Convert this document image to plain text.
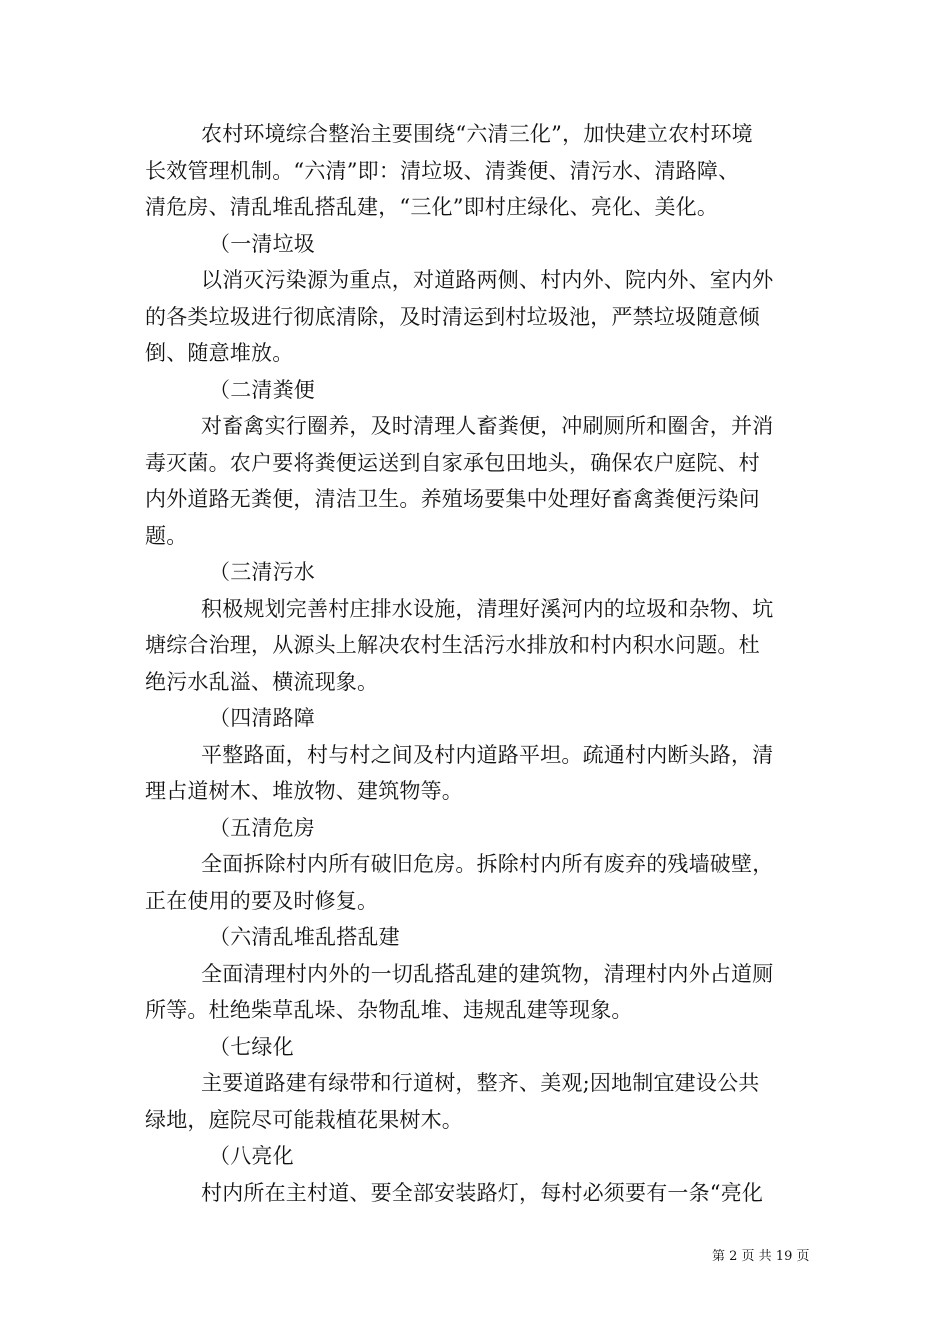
农村环境综合整治主要围绕“六清三化”，加快建立农村环境
长效管理机制。“六清”即：清垃圾、清粪便、清污水、清路障、
清危房、清乱堆乱搭乱建，“三化”即村庄绿化、亮化、美化。
（一清垃圾
以消灭污染源为重点，对道路两侧、村内外、院内外、室内外
的各类垃圾进行彻底清除，及时清运到村垃圾池，严禁垃圾随意倾
倒、随意堆放。
（二清粪便
对畜禽实行圈养，及时清理人畜粪便，冲刷厕所和圈舍，并消
毒灭菌。农户要将粪便运送到自家承包田地头，确保农户庭院、村
内外道路无粪便，清洁卫生。养殖场要集中处理好畜禽粪便污染问
题。
（三清污水
积极规划完善村庄排水设施，清理好溪河内的垃圾和杂物、坑
塘综合治理，从源头上解决农村生活污水排放和村内积水问题。杜
绝污水乱溢、横流现象。
（四清路障
平整路面，村与村之间及村内道路平坦。疏通村内断头路，清
理占道树木、堆放物、建筑物等。
（五清危房
全面拆除村内所有破旧危房。拆除村内所有废弃的残墙破壁，
正在使用的要及时修复。
（六清乱堆乱搭乱建
全面清理村内外的一切乱搭乱建的建筑物，清理村内外占道厕
所等。杜绝柴草乱垛、杂物乱堆、违规乱建等现象。
（七绿化
主要道路建有绿带和行道树，整齐、美观;因地制宜建设公共
绿地，庭院尽可能栽植花果树木。
（八亮化
村内所在主村道、要全部安装路灯，每村必须要有一条“亮化
第 2 页 共 19 页
